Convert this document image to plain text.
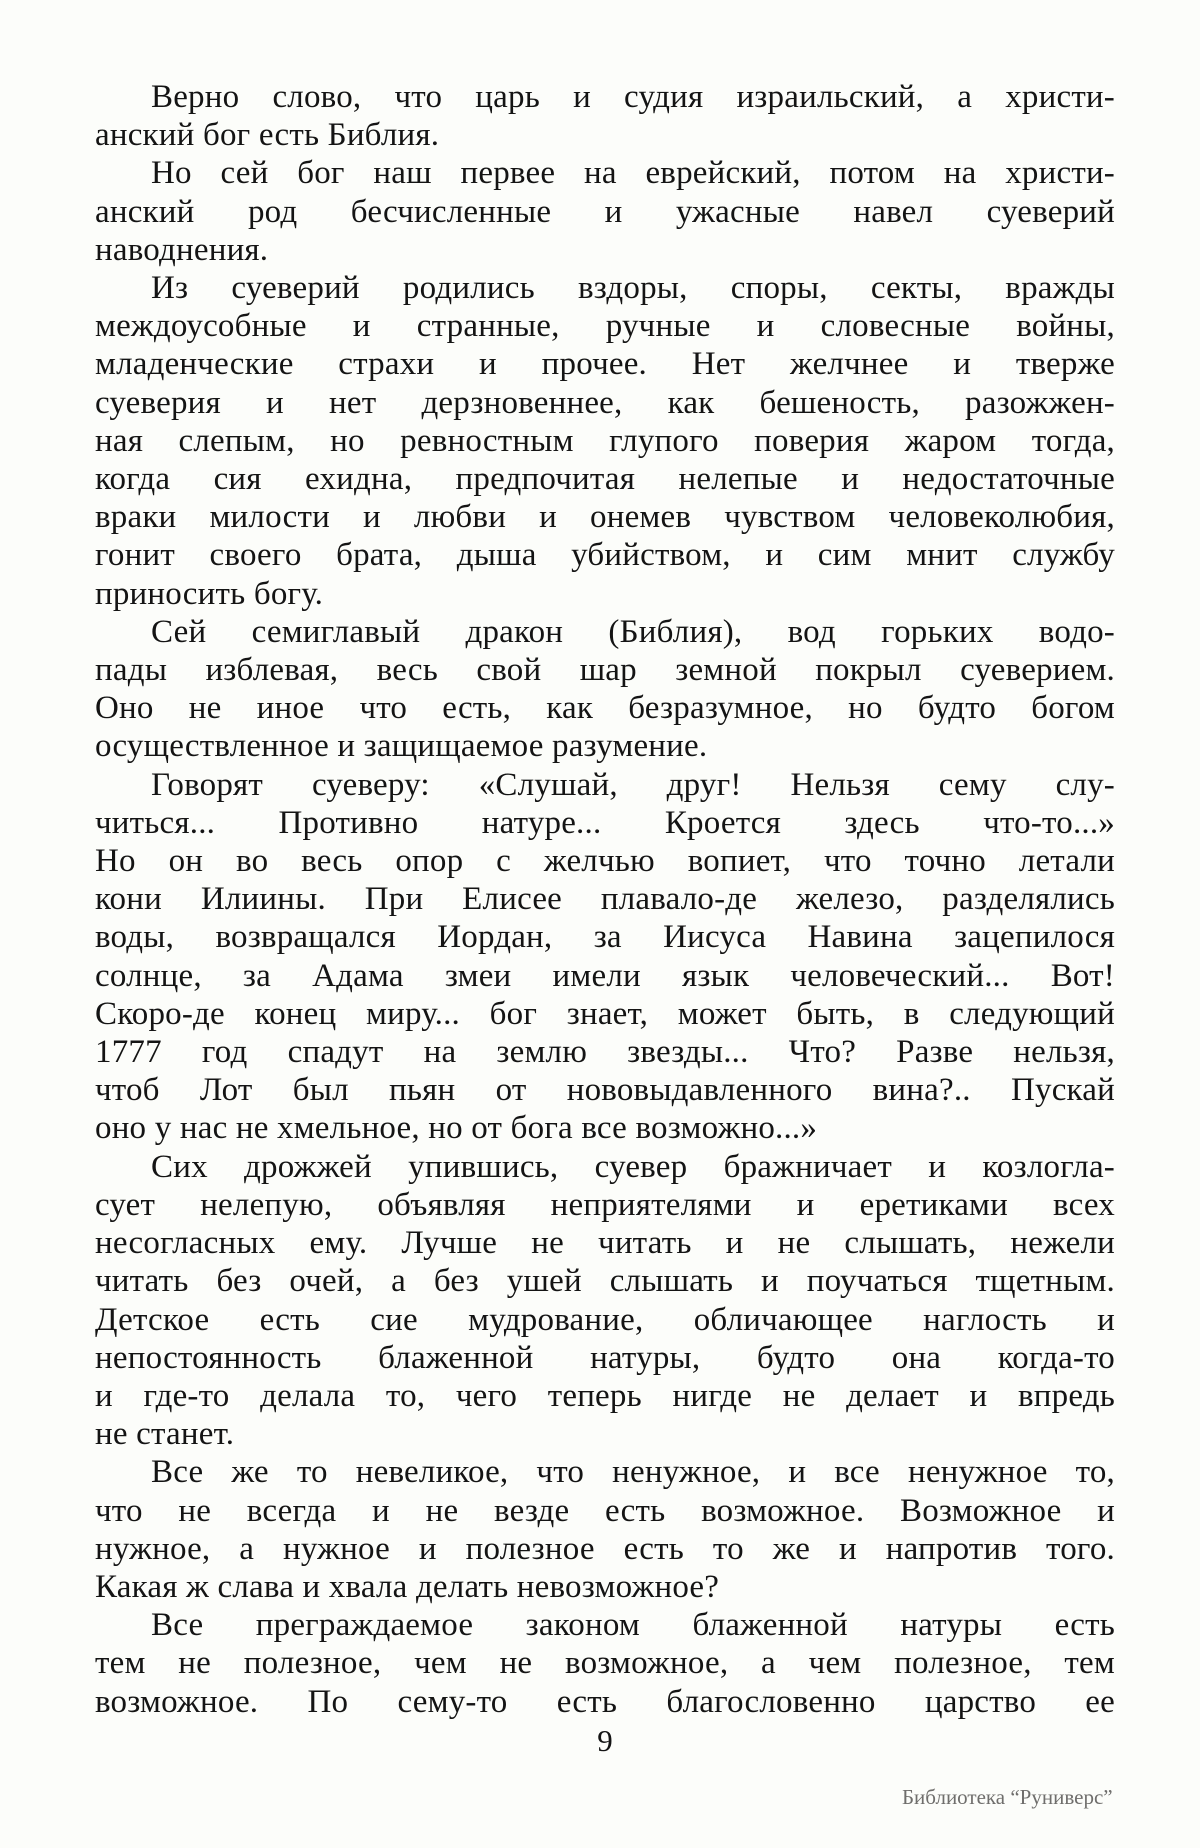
Верно слово, что царь и судия израильский, а христи-
анский бог есть Библия.
Но сей бог наш первее на еврейский, потом на христи-
анский род бесчисленные и ужасные навел суеверий
наводнения.
Из суеверий родились вздоры, споры, секты, вражды
междоусобные и странные, ручные и словесные войны,
младенческие страхи и прочее. Нет желчнее и тверже
суеверия и нет дерзновеннее, как бешеность, разожжен-
ная слепым, но ревностным глупого поверия жаром тогда,
когда сия ехидна, предпочитая нелепые и недостаточные
враки милости и любви и онемев чувством человеколюбия,
гонит своего брата, дыша убийством, и сим мнит службу
приносить богу.
Сей семиглавый дракон (Библия), вод горьких водо-
пады изблевая, весь свой шар земной покрыл суеверием.
Оно не иное что есть, как безразумное, но будто богом
осуществленное и защищаемое разумение.
Говорят суеверу: «Слушай, друг! Нельзя сему слу-
читься... Противно натуре... Кроется здесь что-то...»
Но он во весь опор с желчью вопиет, что точно летали
кони Илиины. При Елисее плавало-де железо, разделялись
воды, возвращался Иордан, за Иисуса Навина зацепилося
солнце, за Адама змеи имели язык человеческий... Вот!
Скоро-де конец миру... бог знает, может быть, в следующий
1777 год спадут на землю звезды... Что? Разве нельзя,
чтоб Лот был пьян от нововыдавленного вина?.. Пускай
оно у нас не хмельное, но от бога все возможно...»
Сих дрожжей упившись, суевер бражничает и козлогла-
сует нелепую, объявляя неприятелями и еретиками всех
несогласных ему. Лучше не читать и не слышать, нежели
читать без очей, а без ушей слышать и поучаться тщетным.
Детское есть сие мудрование, обличающее наглость и
непостоянность блаженной натуры, будто она когда-то
и где-то делала то, чего теперь нигде не делает и впредь
не станет.
Все же то невеликое, что ненужное, и все ненужное то,
что не всегда и не везде есть возможное. Возможное и
нужное, а нужное и полезное есть то же и напротив того.
Какая ж слава и хвала делать невозможное?
Все преграждаемое законом блаженной натуры есть
тем не полезное, чем не возможное, а чем полезное, тем
возможное. По сему-то есть благословенно царство ее
9
Библиотека “Руниверс”
